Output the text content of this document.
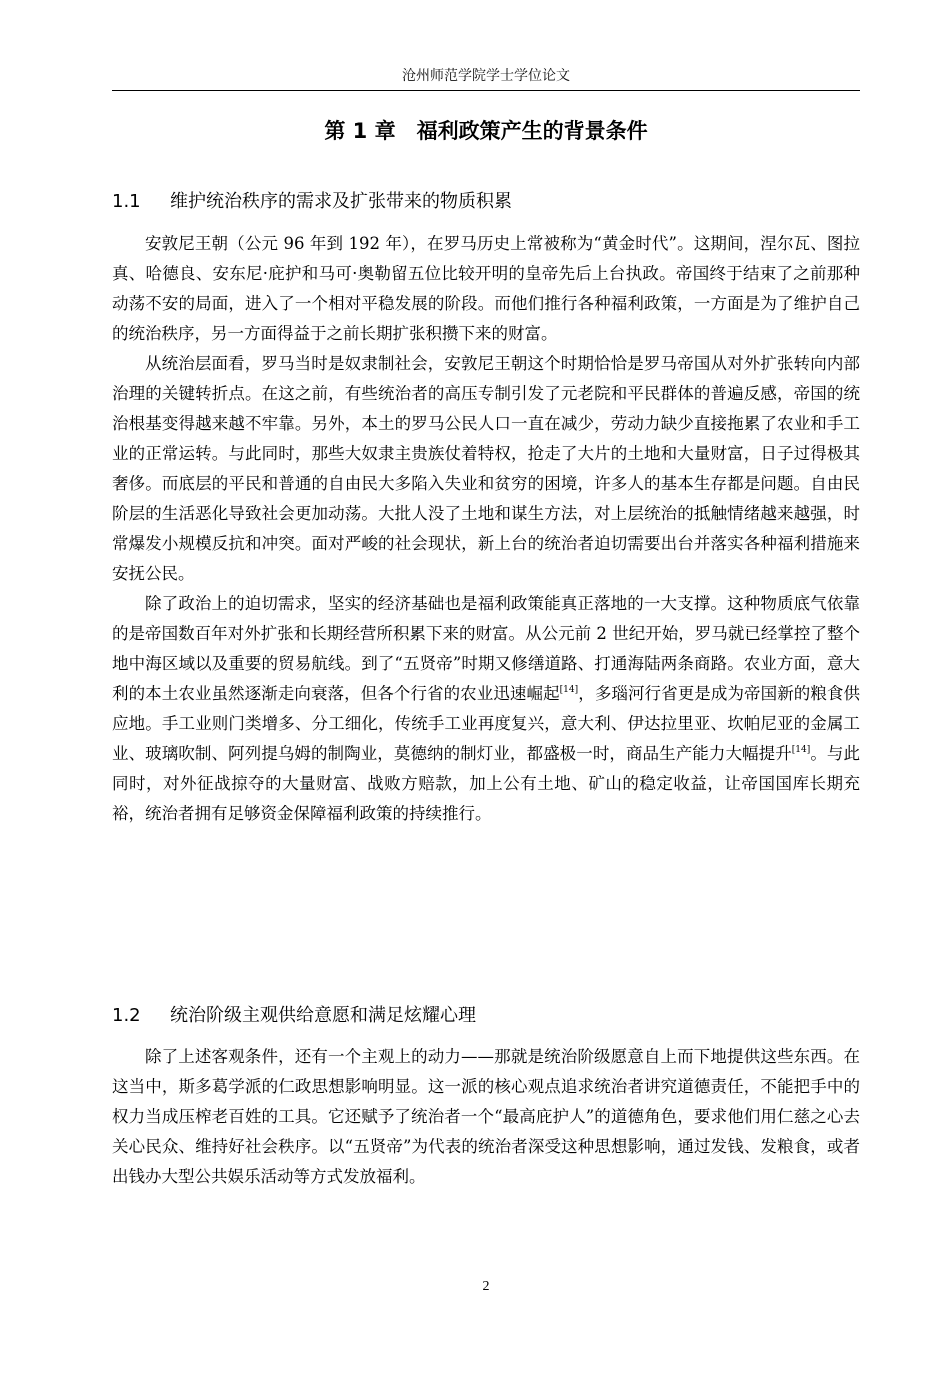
沧州师范学院学士学位论文
第 1 章　福利政策产生的背景条件
1.1 维护统治秩序的需求及扩张带来的物质积累

安敦尼王朝（公元 96 年到 192 年），在罗马历史上常被称为“黄金时代”。这期间，涅尔瓦、图拉真、哈德良、安东尼·庇护和马可·奥勒留五位比较开明的皇帝先后上台执政。帝国终于结束了之前那种动荡不安的局面，进入了一个相对平稳发展的阶段。而他们推行各种福利政策，一方面是为了维护自己的统治秩序，另一方面得益于之前长期扩张积攒下来的财富。

从统治层面看，罗马当时是奴隶制社会，安敦尼王朝这个时期恰恰是罗马帝国从对外扩张转向内部治理的关键转折点。在这之前，有些统治者的高压专制引发了元老院和平民群体的普遍反感，帝国的统治根基变得越来越不牢靠。另外，本土的罗马公民人口一直在减少，劳动力缺少直接拖累了农业和手工业的正常运转。与此同时，那些大奴隶主贵族仗着特权，抢走了大片的土地和大量财富，日子过得极其奢侈。而底层的平民和普通的自由民大多陷入失业和贫穷的困境，许多人的基本生存都是问题。自由民阶层的生活恶化导致社会更加动荡。大批人没了土地和谋生方法，对上层统治的抵触情绪越来越强，时常爆发小规模反抗和冲突。面对严峻的社会现状，新上台的统治者迫切需要出台并落实各种福利措施来安抚公民。

除了政治上的迫切需求，坚实的经济基础也是福利政策能真正落地的一大支撑。这种物质底气依靠的是帝国数百年对外扩张和长期经营所积累下来的财富。从公元前 2 世纪开始，罗马就已经掌控了整个地中海区域以及重要的贸易航线。到了“五贤帝”时期又修缮道路、打通海陆两条商路。农业方面，意大利的本土农业虽然逐渐走向衰落，但各个行省的农业迅速崛起[14]，多瑙河行省更是成为帝国新的粮食供应地。手工业则门类增多、分工细化，传统手工业再度复兴，意大利、伊达拉里亚、坎帕尼亚的金属工业、玻璃吹制、阿列提乌姆的制陶业，莫德纳的制灯业，都盛极一时，商品生产能力大幅提升[14]。与此同时，对外征战掠夺的大量财富、战败方赔款，加上公有土地、矿山的稳定收益，让帝国国库长期充裕，统治者拥有足够资金保障福利政策的持续推行。

1.2 统治阶级主观供给意愿和满足炫耀心理

除了上述客观条件，还有一个主观上的动力——那就是统治阶级愿意自上而下地提供这些东西。在这当中，斯多葛学派的仁政思想影响明显。这一派的核心观点追求统治者讲究道德责任，不能把手中的权力当成压榨老百姓的工具。它还赋予了统治者一个“最高庇护人”的道德角色，要求他们用仁慈之心去关心民众、维持好社会秩序。以“五贤帝”为代表的统治者深受这种思想影响，通过发钱、发粮食，或者出钱办大型公共娱乐活动等方式发放福利。

2
